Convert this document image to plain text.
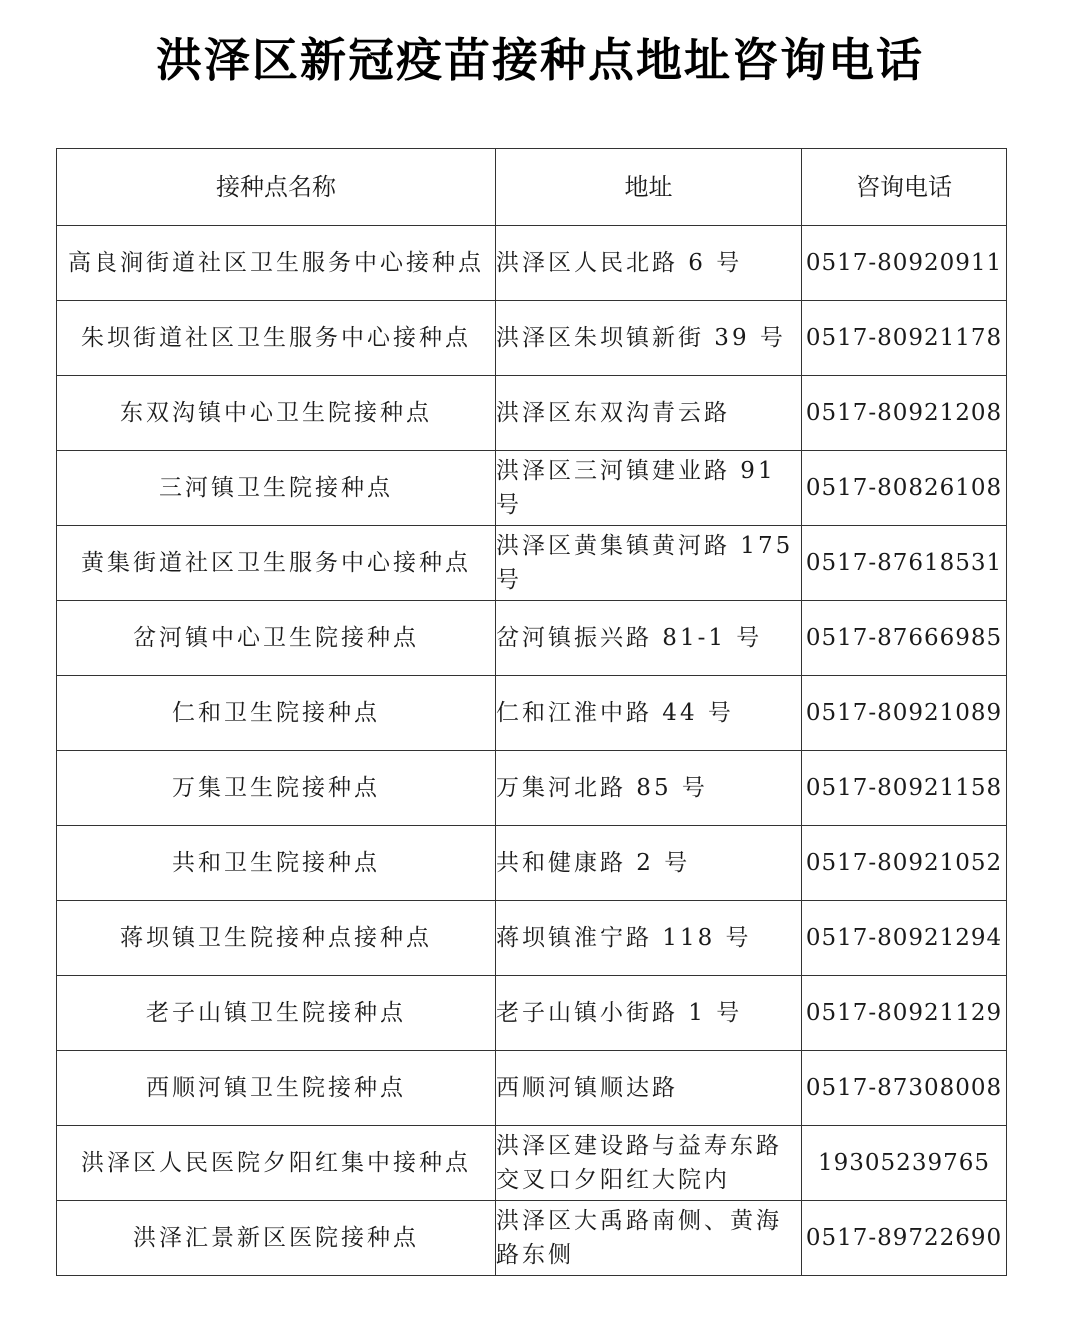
洪泽区新冠疫苗接种点地址咨询电话
接种点名称	地址	咨询电话
高良涧街道社区卫生服务中心接种点	洪泽区人民北路 6 号	0517-80920911
朱坝街道社区卫生服务中心接种点	洪泽区朱坝镇新街 39 号	0517-80921178
东双沟镇中心卫生院接种点	洪泽区东双沟青云路	0517-80921208
三河镇卫生院接种点	洪泽区三河镇建业路 91 号	0517-80826108
黄集街道社区卫生服务中心接种点	洪泽区黄集镇黄河路 175 号	0517-87618531
岔河镇中心卫生院接种点	岔河镇振兴路 81-1 号	0517-87666985
仁和卫生院接种点	仁和江淮中路 44 号	0517-80921089
万集卫生院接种点	万集河北路 85 号	0517-80921158
共和卫生院接种点	共和健康路 2 号	0517-80921052
蒋坝镇卫生院接种点接种点	蒋坝镇淮宁路 118 号	0517-80921294
老子山镇卫生院接种点	老子山镇小街路 1 号	0517-80921129
西顺河镇卫生院接种点	西顺河镇顺达路	0517-87308008
洪泽区人民医院夕阳红集中接种点	洪泽区建设路与益寿东路交叉口夕阳红大院内	19305239765
洪泽汇景新区医院接种点	洪泽区大禹路南侧、黄海路东侧	0517-89722690
